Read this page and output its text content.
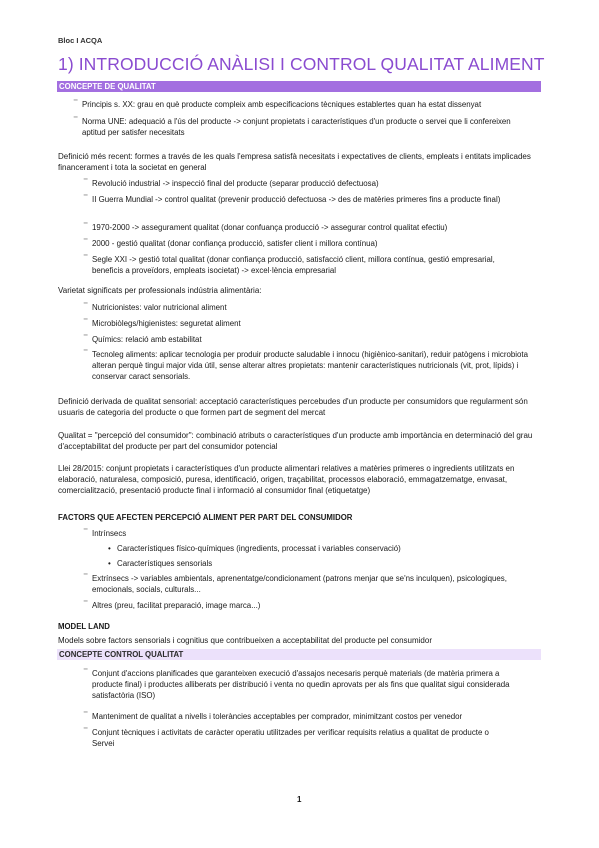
Bloc I ACQA
1) INTRODUCCIÓ ANÀLISI I CONTROL QUALITAT ALIMENT
CONCEPTE DE QUALITAT
⁻ Principis s. XX: grau en què producte compleix amb especificacions tècniques establertes quan ha estat dissenyat
⁻ Norma UNE: adequació a l'ús del producte -> conjunt propietats i característiques d'un producte o servei que li confereixen aptitud per satisfer necesitats
Definició més recent: formes a través de les quals l'empresa satisfà necesitats i expectatives de clients, empleats i entitats implicades financerament i tota la societat en general
⁻ Revolució industrial -> inspecció final del producte (separar producció defectuosa)
⁻ II Guerra Mundial -> control qualitat (prevenir producció defectuosa -> des de matèries primeres fins a producte final)
⁻ 1970-2000 -> assegurament qualitat (donar confuança producció -> assegurar control qualitat efectiu)
⁻ 2000 - gestió qualitat (donar confiança producció, satisfer client i millora contínua)
⁻ Segle XXI -> gestió total qualitat (donar confiança producció, satisfacció client, millora contínua, gestió empresarial, beneficis a proveïdors, empleats isocietat) -> excel·lència empresarial
Varietat significats per professionals indústria alimentària:
⁻ Nutricionistes: valor nutricional aliment
⁻ Microbiòlegs/higienistes: seguretat aliment
⁻ Químics: relació amb estabilitat
⁻ Tecnoleg aliments: aplicar tecnologia per produir producte saludable i innocu (higiènico-sanitari), reduir patògens i microbiota alteran perquè tingui major vida útil, sense alterar altres propietats: mantenir característiques nutricionals (vit, prot, lípids) i conservar caract sensorials.
Definició derivada de qualitat sensorial: acceptació característiques percebudes d'un producte per consumidors que regularment són usuaris de categoria del producte o que formen part de segment del mercat
Qualitat = "percepció del consumidor": combinació atributs o característiques d'un producte amb importància en determinació del grau d'acceptabilitat del producte per part del consumidor potencial
Llei 28/2015: conjunt propietats i característiques d'un producte alimentari relatives a matèries primeres o ingredients utilitzats en elaboració, naturalesa, composició, puresa, identificació, origen, traçabilitat, processos elaboració, emmagatzematge, envasat, comercialització, presentació producte final i informació al consumidor final (etiquetatge)
FACTORS QUE AFECTEN PERCEPCIÓ ALIMENT PER PART DEL CONSUMIDOR
⁻ Intrínsecs
• Característiques físico-químiques (ingredients, processat i variables conservació)
• Característiques sensorials
⁻ Extrínsecs -> variables ambientals, aprenentatge/condicionament (patrons menjar que se'ns inculquen), psicologiques, emocionals, socials, culturals...
⁻ Altres (preu, facilitat preparació, image marca...)
MODEL LAND
Models sobre factors sensorials i cognitius que contribueixen a acceptabilitat del producte pel consumidor
CONCEPTE CONTROL QUALITAT
⁻ Conjunt d'accions planificades que garanteixen execució d'assajos necesaris perquè materials (de matèria primera a producte final) i productes alliberats per distribució i venta no quedin aprovats per als fins que qualitat sigui considerada satisfactòria (ISO)
⁻ Manteniment de qualitat a nivells i toleràncies acceptables per comprador, minimitzant costos per venedor
⁻ Conjunt tècniques i activitats de caràcter operatiu utilitzades per verificar requisits relatius a qualitat de producte o Servei
1
